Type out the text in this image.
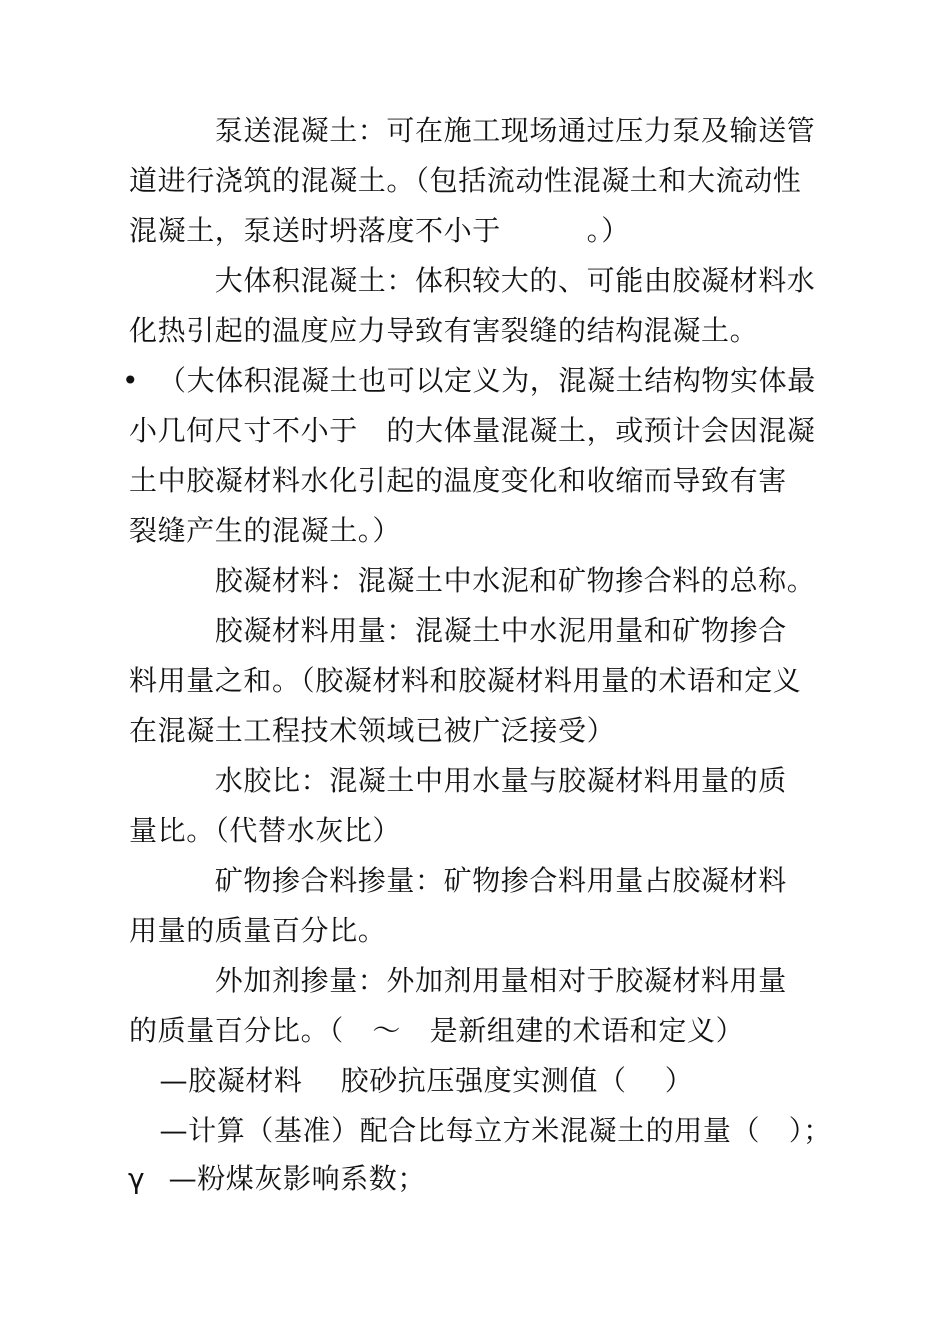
　　　泵送混凝土：可在施工现场通过压力泵及输送管
道进行浇筑的混凝土。（包括流动性混凝土和大流动性
混凝土，泵送时坍落度不小于　　　。）
　　　大体积混凝土：体积较大的、可能由胶凝材料水
化热引起的温度应力导致有害裂缝的结构混凝土。
• （大体积混凝土也可以定义为，混凝土结构物实体最
小几何尺寸不小于　的大体量混凝土，或预计会因混凝
土中胶凝材料水化引起的温度变化和收缩而导致有害
裂缝产生的混凝土。）
　　　胶凝材料：混凝土中水泥和矿物掺合料的总称。
　　　胶凝材料用量：混凝土中水泥用量和矿物掺合
料用量之和。（胶凝材料和胶凝材料用量的术语和定义
在混凝土工程技术领域已被广泛接受）
　　　水胶比：混凝土中用水量与胶凝材料用量的质
量比。（代替水灰比）
　　　矿物掺合料掺量：矿物掺合料用量占胶凝材料
用量的质量百分比。
　　　外加剂掺量：外加剂用量相对于胶凝材料用量
的质量百分比。（　～　是新组建的术语和定义）
—胶凝材料　 胶砂抗压强度实测值（　 ）
—计算（基准）配合比每立方米混凝土的用量（　）；
γ
　—粉煤灰影响系数；
